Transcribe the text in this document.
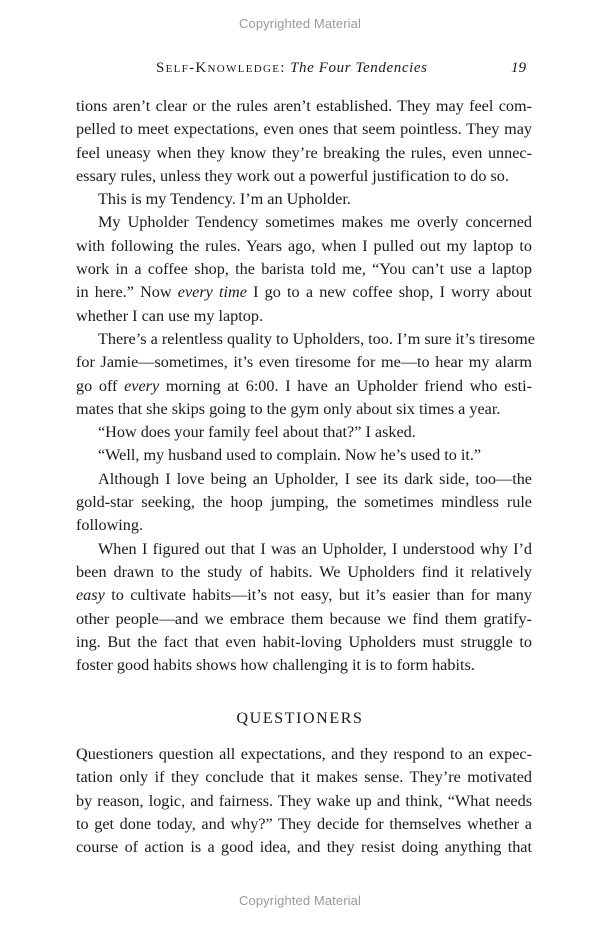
Copyrighted Material
Self-Knowledge: The Four Tendencies	19
tions aren’t clear or the rules aren’t established. They may feel com-
pelled to meet expectations, even ones that seem pointless. They may
feel uneasy when they know they’re breaking the rules, even unnec-
essary rules, unless they work out a powerful justification to do so.
This is my Tendency. I’m an Upholder.
My Upholder Tendency sometimes makes me overly concerned
with following the rules. Years ago, when I pulled out my laptop to
work in a coffee shop, the barista told me, “You can’t use a laptop
in here.” Now every time I go to a new coffee shop, I worry about
whether I can use my laptop.
There’s a relentless quality to Upholders, too. I’m sure it’s tiresome
for Jamie—sometimes, it’s even tiresome for me—to hear my alarm
go off every morning at 6:00. I have an Upholder friend who esti-
mates that she skips going to the gym only about six times a year.
“How does your family feel about that?” I asked.
“Well, my husband used to complain. Now he’s used to it.”
Although I love being an Upholder, I see its dark side, too—the
gold-star seeking, the hoop jumping, the sometimes mindless rule
following.
When I figured out that I was an Upholder, I understood why I’d
been drawn to the study of habits. We Upholders find it relatively
easy to cultivate habits—it’s not easy, but it’s easier than for many
other people—and we embrace them because we find them gratify-
ing. But the fact that even habit-loving Upholders must struggle to
foster good habits shows how challenging it is to form habits.
QUESTIONERS
Questioners question all expectations, and they respond to an expec-
tation only if they conclude that it makes sense. They’re motivated
by reason, logic, and fairness. They wake up and think, “What needs
to get done today, and why?” They decide for themselves whether a
course of action is a good idea, and they resist doing anything that
Copyrighted Material
